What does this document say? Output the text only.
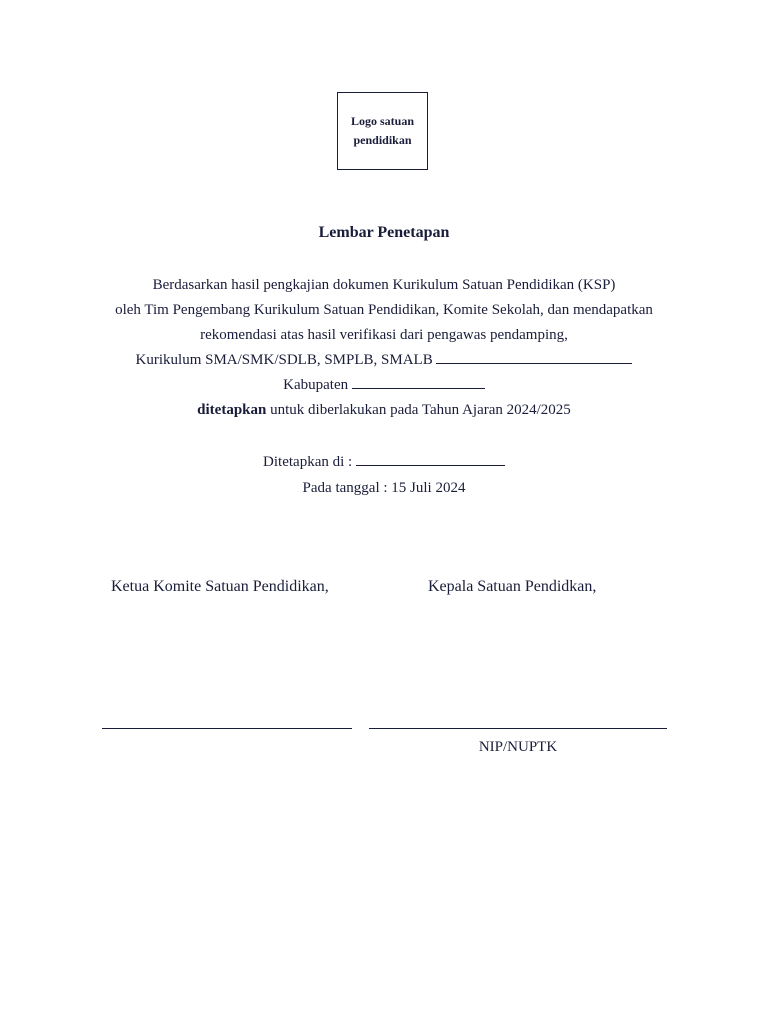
Logo satuan
pendidikan
Lembar Penetapan
Berdasarkan hasil pengkajian dokumen Kurikulum Satuan Pendidikan (KSP)
oleh Tim Pengembang Kurikulum Satuan Pendidikan, Komite Sekolah, dan mendapatkan
rekomendasi atas hasil verifikasi dari pengawas pendamping,
Kurikulum SMA/SMK/SDLB, SMPLB, SMALB
Kabupaten
ditetapkan untuk diberlakukan pada Tahun Ajaran 2024/2025
Ditetapkan di :
Pada tanggal : 15 Juli 2024
Ketua Komite Satuan Pendidikan,	Kepala Satuan Pendidkan,
NIP/NUPTK
